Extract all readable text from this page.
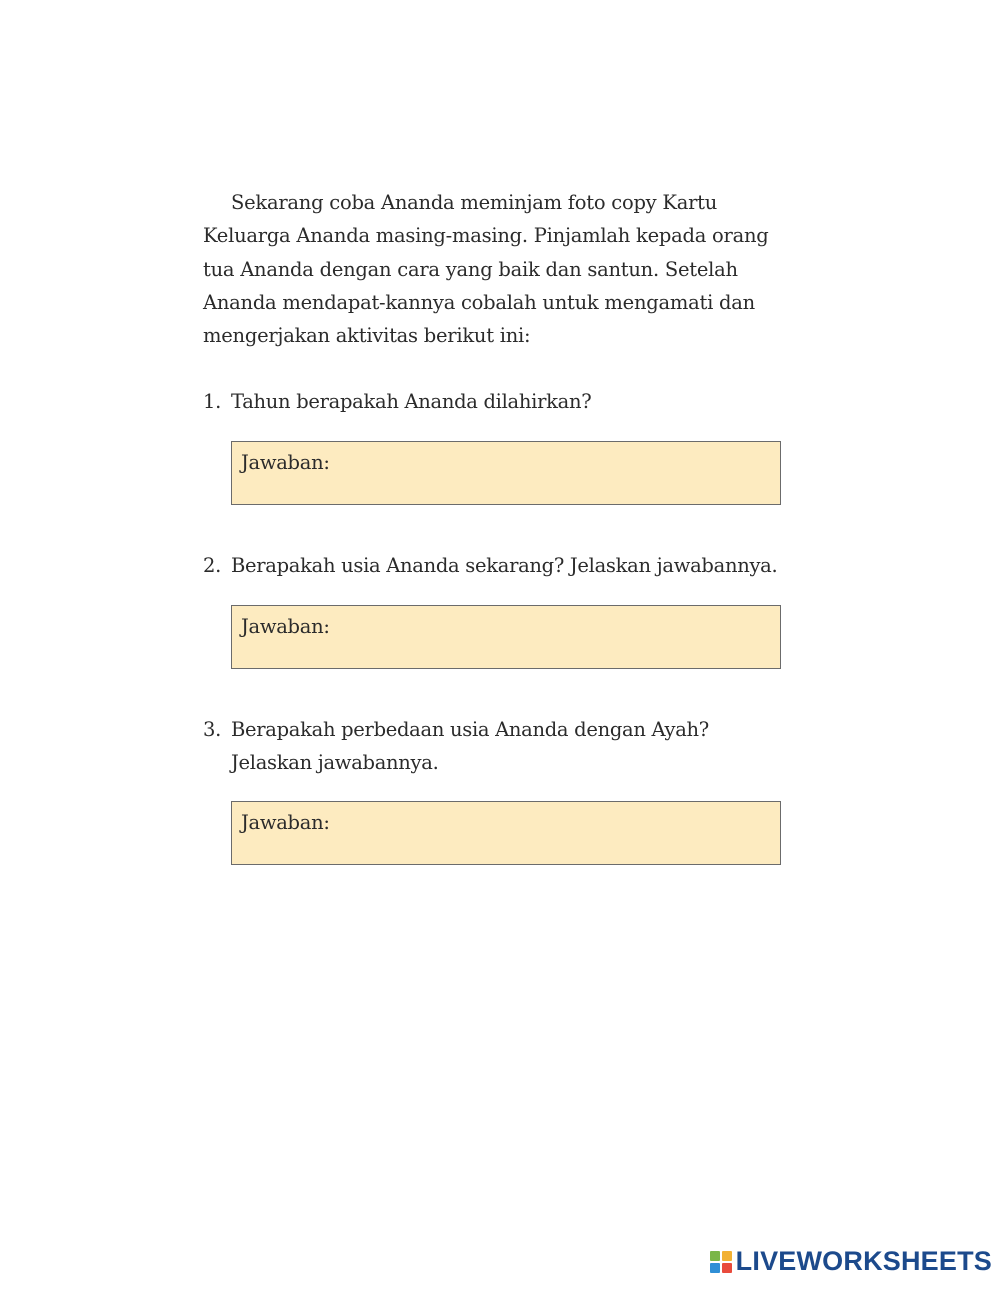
Sekarang coba Ananda meminjam foto copy Kartu Keluarga Ananda masing-masing. Pinjamlah kepada orang tua Ananda dengan cara yang baik dan santun. Setelah Ananda mendapat-kannya cobalah untuk mengamati dan mengerjakan aktivitas berikut ini:

1. Tahun berapakah Ananda dilahirkan?

Jawaban:

2. Berapakah usia Ananda sekarang? Jelaskan jawabannya.

Jawaban:

3. Berapakah perbedaan usia Ananda dengan Ayah? Jelaskan jawabannya.

Jawaban:
LIVEWORKSHEETS
